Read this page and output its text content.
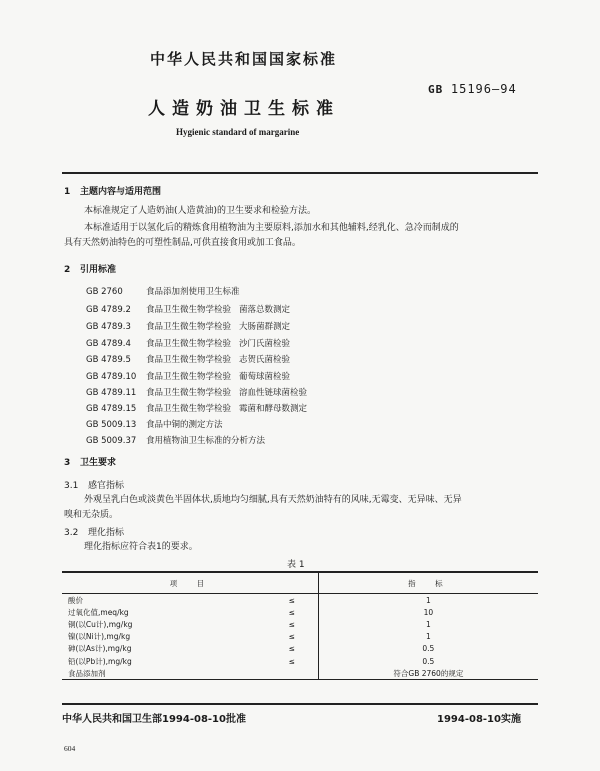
中华人民共和国国家标准
GB 15196—94
人造奶油卫生标准
Hygienic standard of margarine
1 主题内容与适用范围
本标准规定了人造奶油(人造黄油)的卫生要求和检验方法。
本标准适用于以氢化后的精炼食用植物油为主要原料,添加水和其他辅料,经乳化、急冷而制成的
具有天然奶油特色的可塑性制品,可供直接食用或加工食品。
2 引用标准
GB 2760	食品添加剂使用卫生标准
GB 4789.2 食品卫生微生物学检验 菌落总数测定
GB 4789.3 食品卫生微生物学检验 大肠菌群测定
GB 4789.4 食品卫生微生物学检验 沙门氏菌检验
GB 4789.5 食品卫生微生物学检验 志贺氏菌检验
GB 4789.10 食品卫生微生物学检验 葡萄球菌检验
GB 4789.11 食品卫生微生物学检验 溶血性链球菌检验
GB 4789.15 食品卫生微生物学检验 霉菌和酵母数测定
GB 5009.13 食品中铜的测定方法
GB 5009.37 食用植物油卫生标准的分析方法
3 卫生要求
3.1 感官指标
外观呈乳白色或淡黄色半固体状,质地均匀细腻,具有天然奶油特有的风味,无霉变、无异味、无异
嗅和无杂质。
3.2 理化指标
理化指标应符合表1的要求。
表 1
项　目		指　标
酸价	≤	1
过氧化值,meq/kg	≤	10
铜(以Cu计),mg/kg	≤	1
镍(以Ni计),mg/kg	≤	1
砷(以As计),mg/kg	≤	0.5
铅(以Pb计),mg/kg	≤	0.5
食品添加剂		符合GB 2760的规定
中华人民共和国卫生部1994-08-10批准	1994-08-10实施
604
